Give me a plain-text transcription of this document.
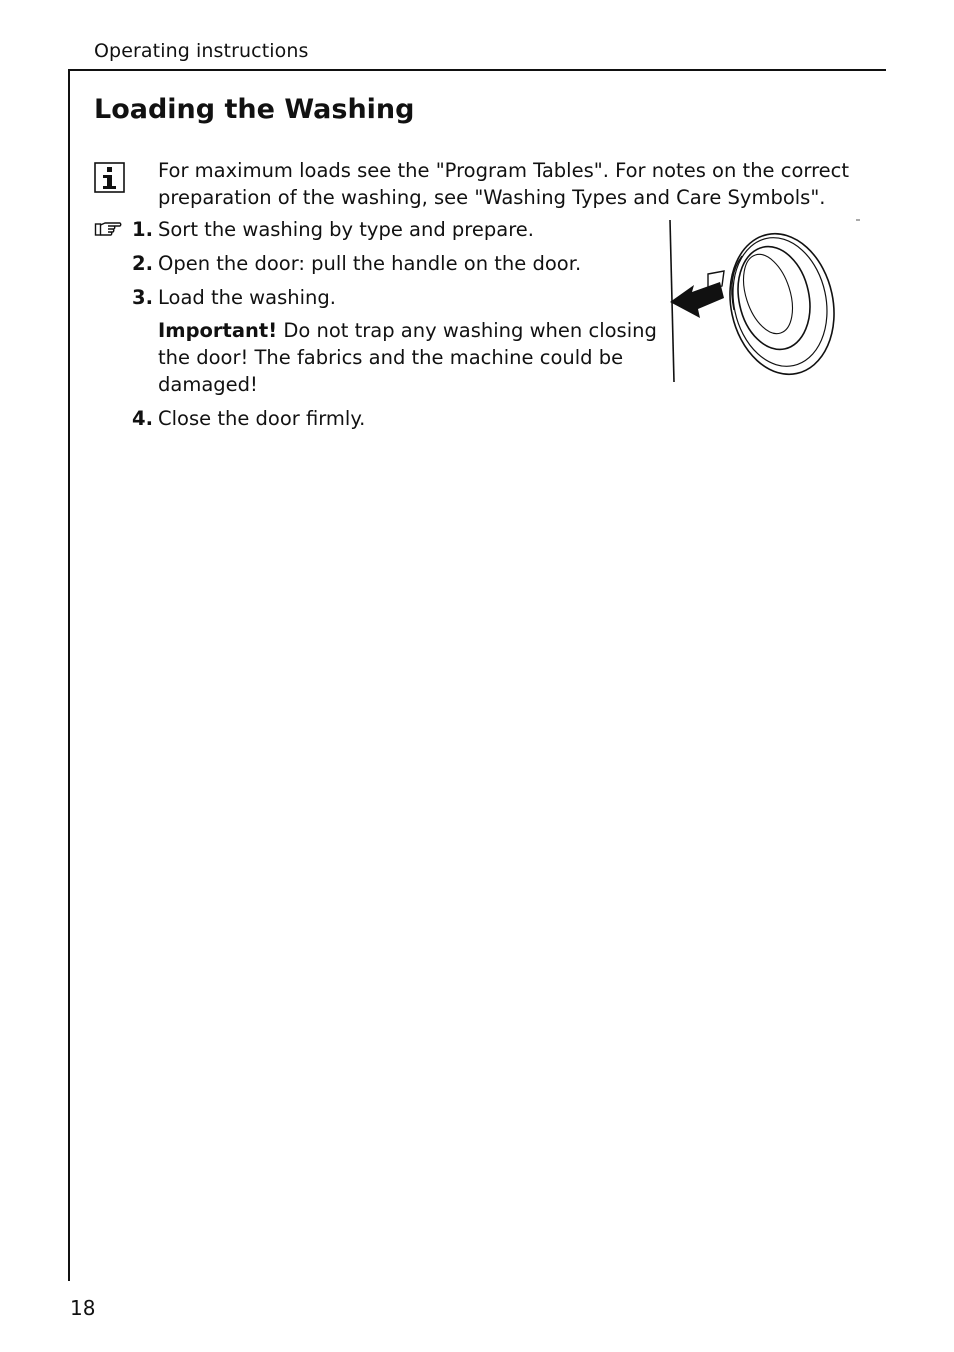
Operating instructions
Loading the Washing
For maximum loads see the "Program Tables". For notes on the correct preparation of the washing, see "Washing Types and Care Symbols".
1. Sort the washing by type and prepare.
2. Open the door: pull the handle on the door.
3. Load the washing.
Important! Do not trap any washing when closing the door! The fabrics and the machine could be damaged!
4. Close the door firmly.
18
